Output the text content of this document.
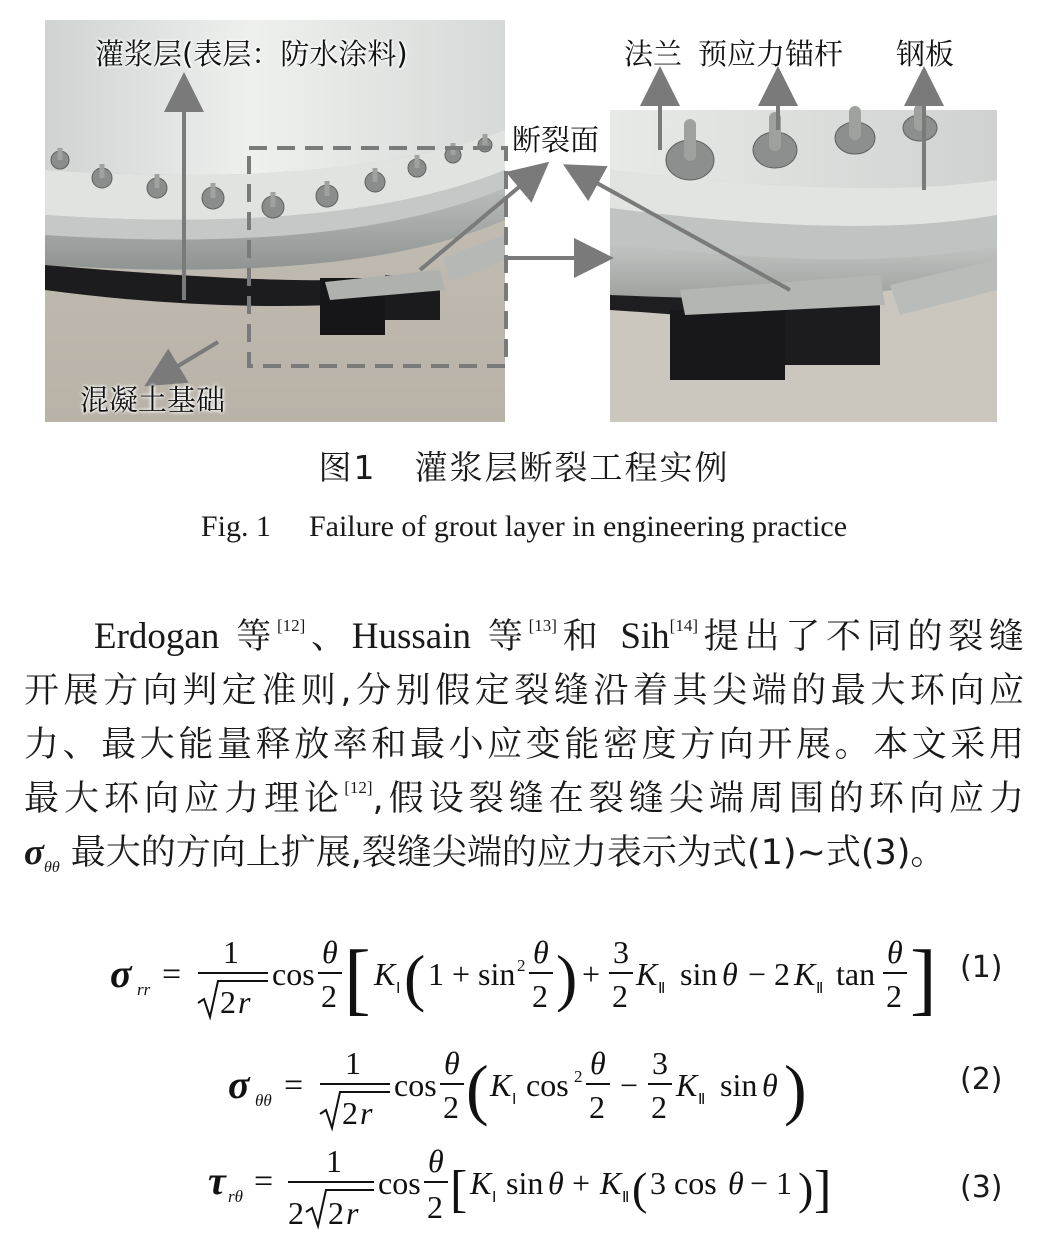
灌浆层(表层：防水涂料)
断裂面
法兰 预应力锚杆 钢板
混凝土基础
图1 灌浆层断裂工程实例
Fig. 1 Failure of grout layer in engineering practice
Erdogan 等[12]、Hussain 等[13]和 Sih[14]提出了不同的裂缝
开展方向判定准则,分别假定裂缝沿着其尖端的最大环向应
力、最大能量释放率和最小应变能密度方向开展。本文采用
最大环向应力理论[12],假设裂缝在裂缝尖端周围的环向应力
$\sigma_{\theta\theta}$ 最大的方向上扩展,裂缝尖端的应力表示为式(1)~式(3)。
σ rr =
1
2 r
cos
θ
2 [ K Ⅰ ( 1 + sin 2 θ
2 ) +
3
2
K Ⅱ sin θ − 2 K Ⅱ tan
θ
2 ] (1)
σ θθ =
1
2 r
cos
θ
2 ( K Ⅰ cos 2 θ
2
−
3
2
K Ⅱ sin θ )	(2)
τ rθ =
1
2 2 r
cos
θ
2 [ K Ⅰ sin θ + K Ⅱ ( 3 cos θ − 1 ) ]	(3)
